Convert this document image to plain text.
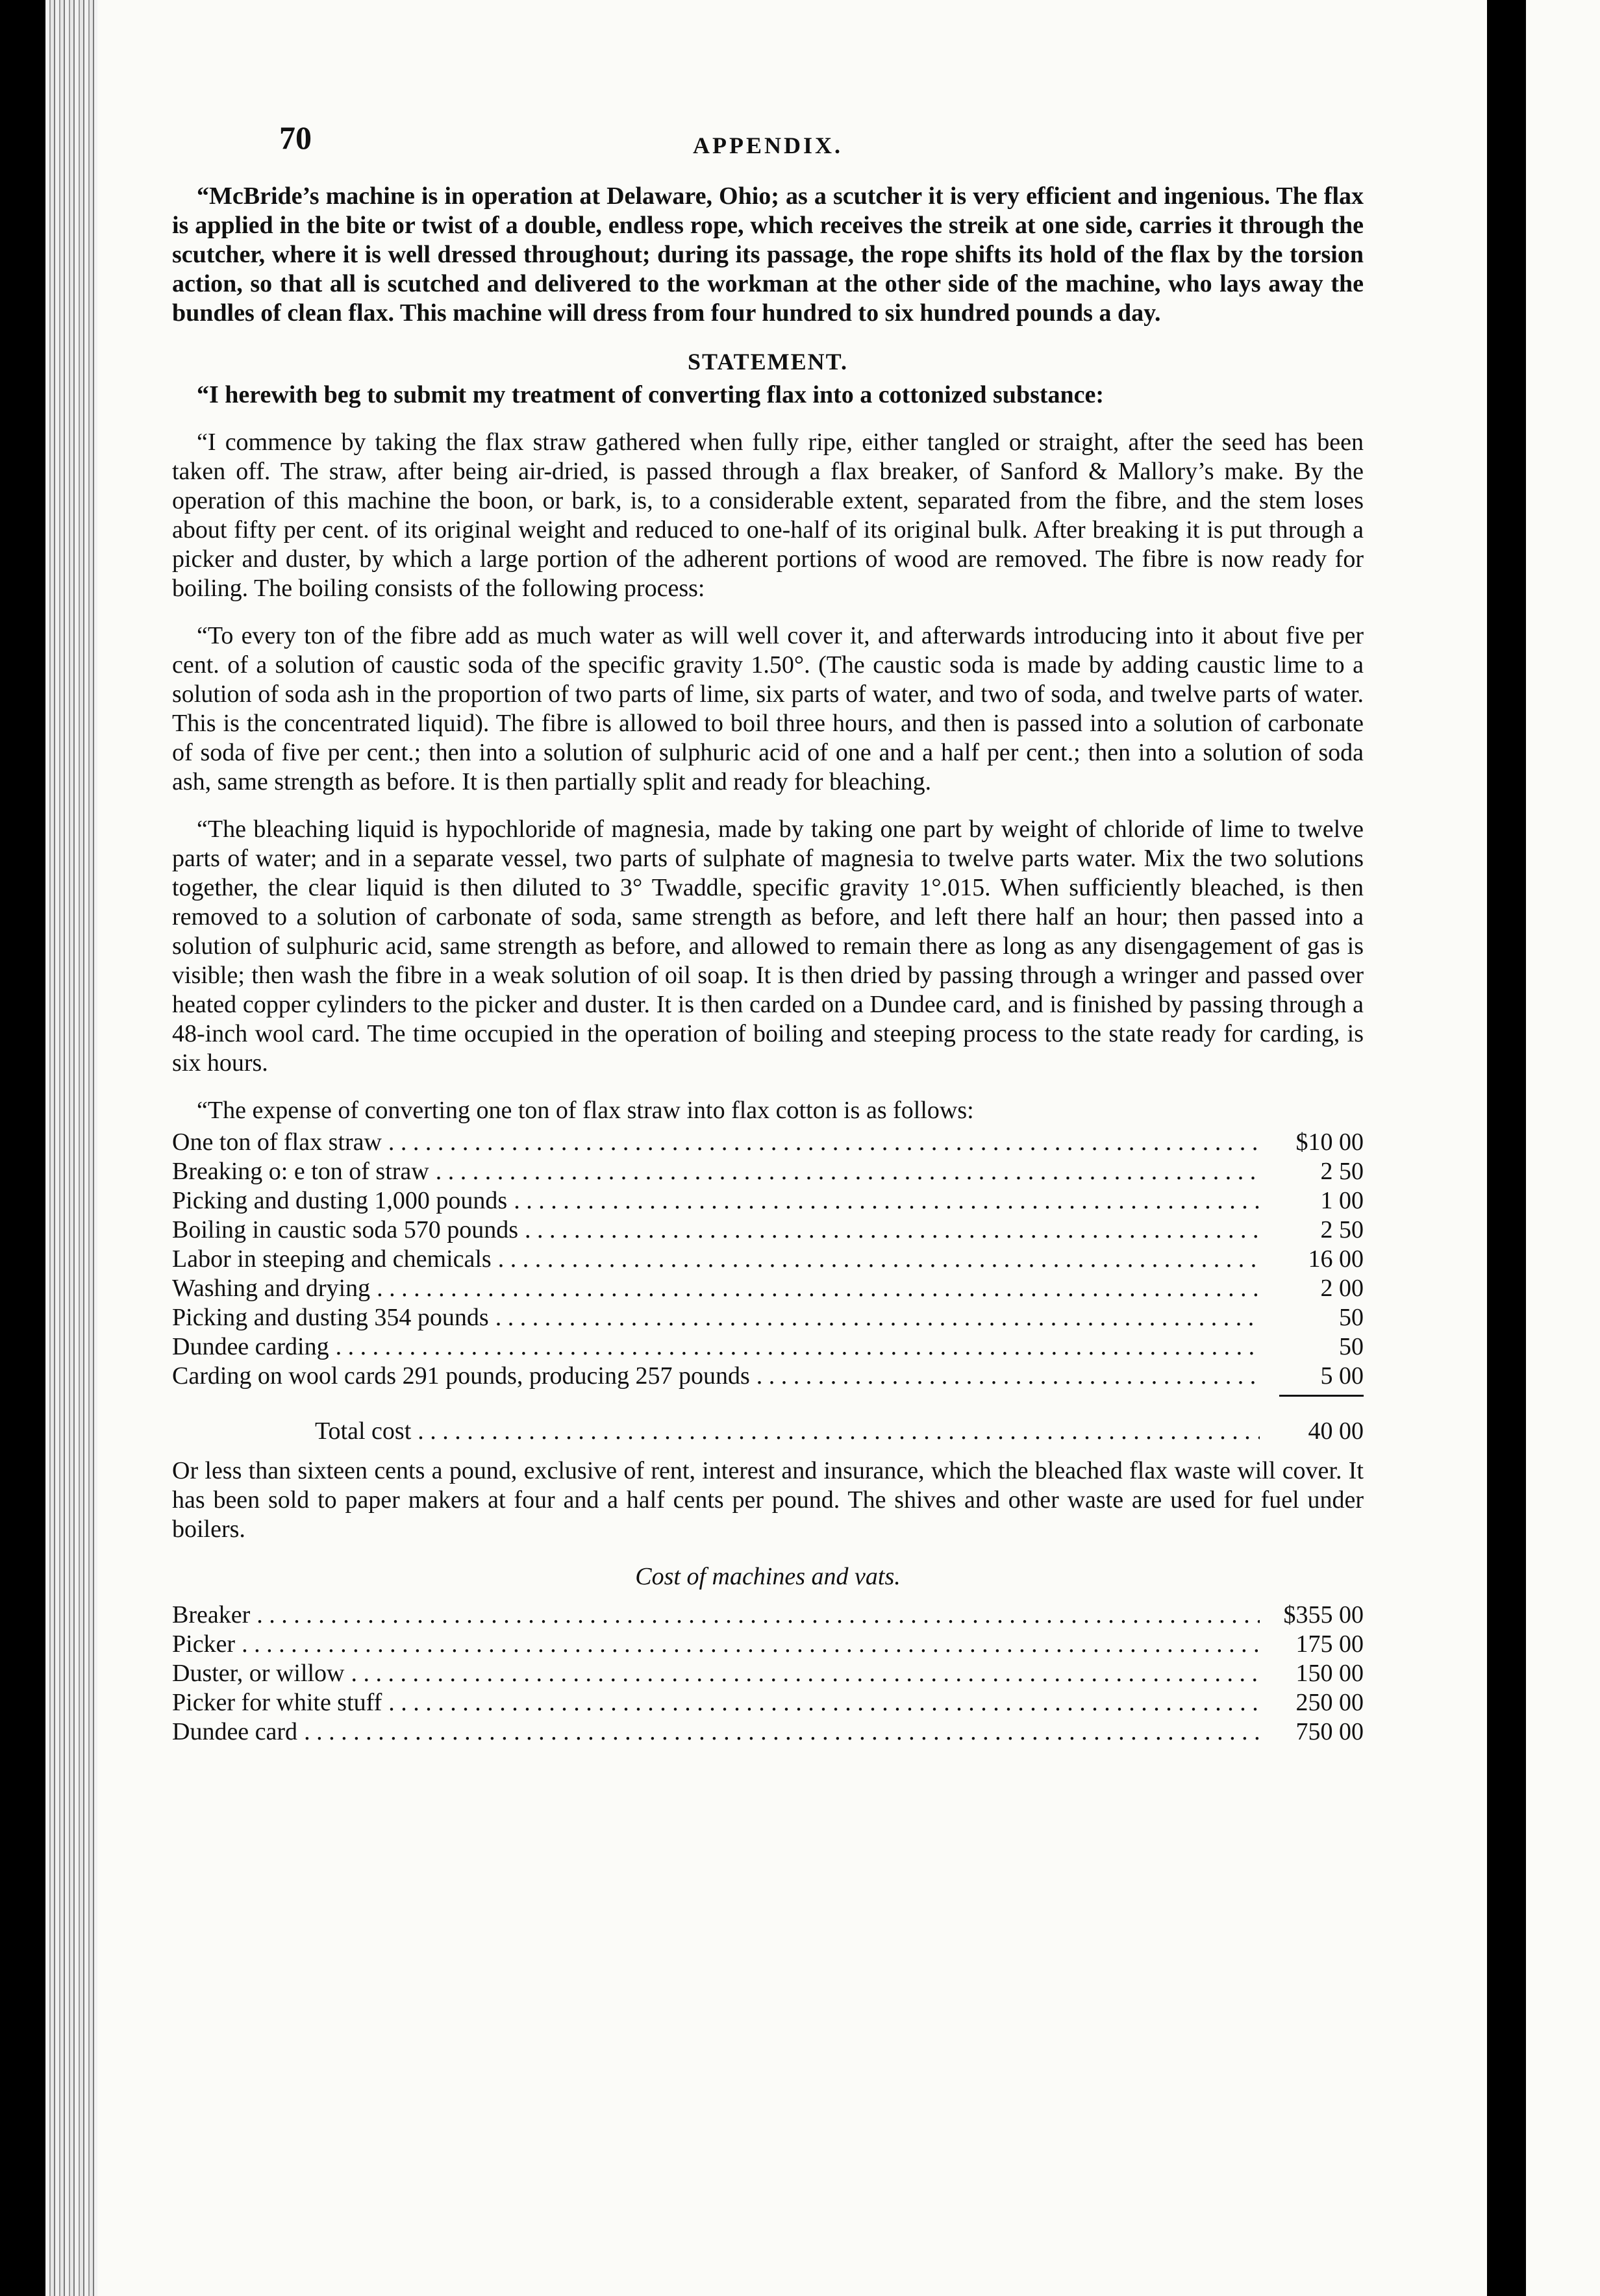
70	APPENDIX.

“McBride’s machine is in operation at Delaware, Ohio; as a scutcher it is very efficient and ingenious. The flax is applied in the bite or twist of a double, endless rope, which receives the streik at one side, carries it through the scutcher, where it is well dressed throughout; during its passage, the rope shifts its hold of the flax by the torsion action, so that all is scutched and delivered to the workman at the other side of the machine, who lays away the bundles of clean flax. This machine will dress from four hundred to six hundred pounds a day.

STATEMENT.

“I herewith beg to submit my treatment of converting flax into a cottonized substance:

“I commence by taking the flax straw gathered when fully ripe, either tangled or straight, after the seed has been taken off. The straw, after being air-dried, is passed through a flax breaker, of Sanford & Mallory’s make. By the operation of this machine the boon, or bark, is, to a considerable extent, separated from the fibre, and the stem loses about fifty per cent. of its original weight and reduced to one-half of its original bulk. After breaking it is put through a picker and duster, by which a large portion of the adherent portions of wood are removed. The fibre is now ready for boiling. The boiling consists of the following process:

“To every ton of the fibre add as much water as will well cover it, and afterwards introducing into it about five per cent. of a solution of caustic soda of the specific gravity 1.50°. (The caustic soda is made by adding caustic lime to a solution of soda ash in the proportion of two parts of lime, six parts of water, and two of soda, and twelve parts of water. This is the concentrated liquid). The fibre is allowed to boil three hours, and then is passed into a solution of carbonate of soda of five per cent.; then into a solution of sulphuric acid of one and a half per cent.; then into a solution of soda ash, same strength as before. It is then partially split and ready for bleaching.

“The bleaching liquid is hypochloride of magnesia, made by taking one part by weight of chloride of lime to twelve parts of water; and in a separate vessel, two parts of sulphate of magnesia to twelve parts water. Mix the two solutions together, the clear liquid is then diluted to 3° Twaddle, specific gravity 1°.015. When sufficiently bleached, is then removed to a solution of carbonate of soda, same strength as before, and left there half an hour; then passed into a solution of sulphuric acid, same strength as before, and allowed to remain there as long as any disengagement of gas is visible; then wash the fibre in a weak solution of oil soap. It is then dried by passing through a wringer and passed over heated copper cylinders to the picker and duster. It is then carded on a Dundee card, and is finished by passing through a 48-inch wool card. The time occupied in the operation of boiling and steeping process to the state ready for carding, is six hours.

“The expense of converting one ton of flax straw into flax cotton is as follows:

One ton of flax straw . . .	$10 00
Breaking o: e ton of straw . . .	2 50
Picking and dusting 1,000 pounds . . .	1 00
Boiling in caustic soda 570 pounds . . .	2 50
Labor in steeping and chemicals . . .	16 00
Washing and drying . . .	2 00
Picking and dusting 354 pounds . . .	50
Dundee carding . . .	50
Carding on wool cards 291 pounds, producing 257 pounds . . .	5 00
Total cost . . .	40 00

Or less than sixteen cents a pound, exclusive of rent, interest and insurance, which the bleached flax waste will cover. It has been sold to paper makers at four and a half cents per pound. The shives and other waste are used for fuel under boilers.

Cost of machines and vats.
Breaker . . .	$355 00
Picker . . .	175 00
Duster, or willow . . .	150 00
Picker for white stuff . . .	250 00
Dundee card . . .	750 00
